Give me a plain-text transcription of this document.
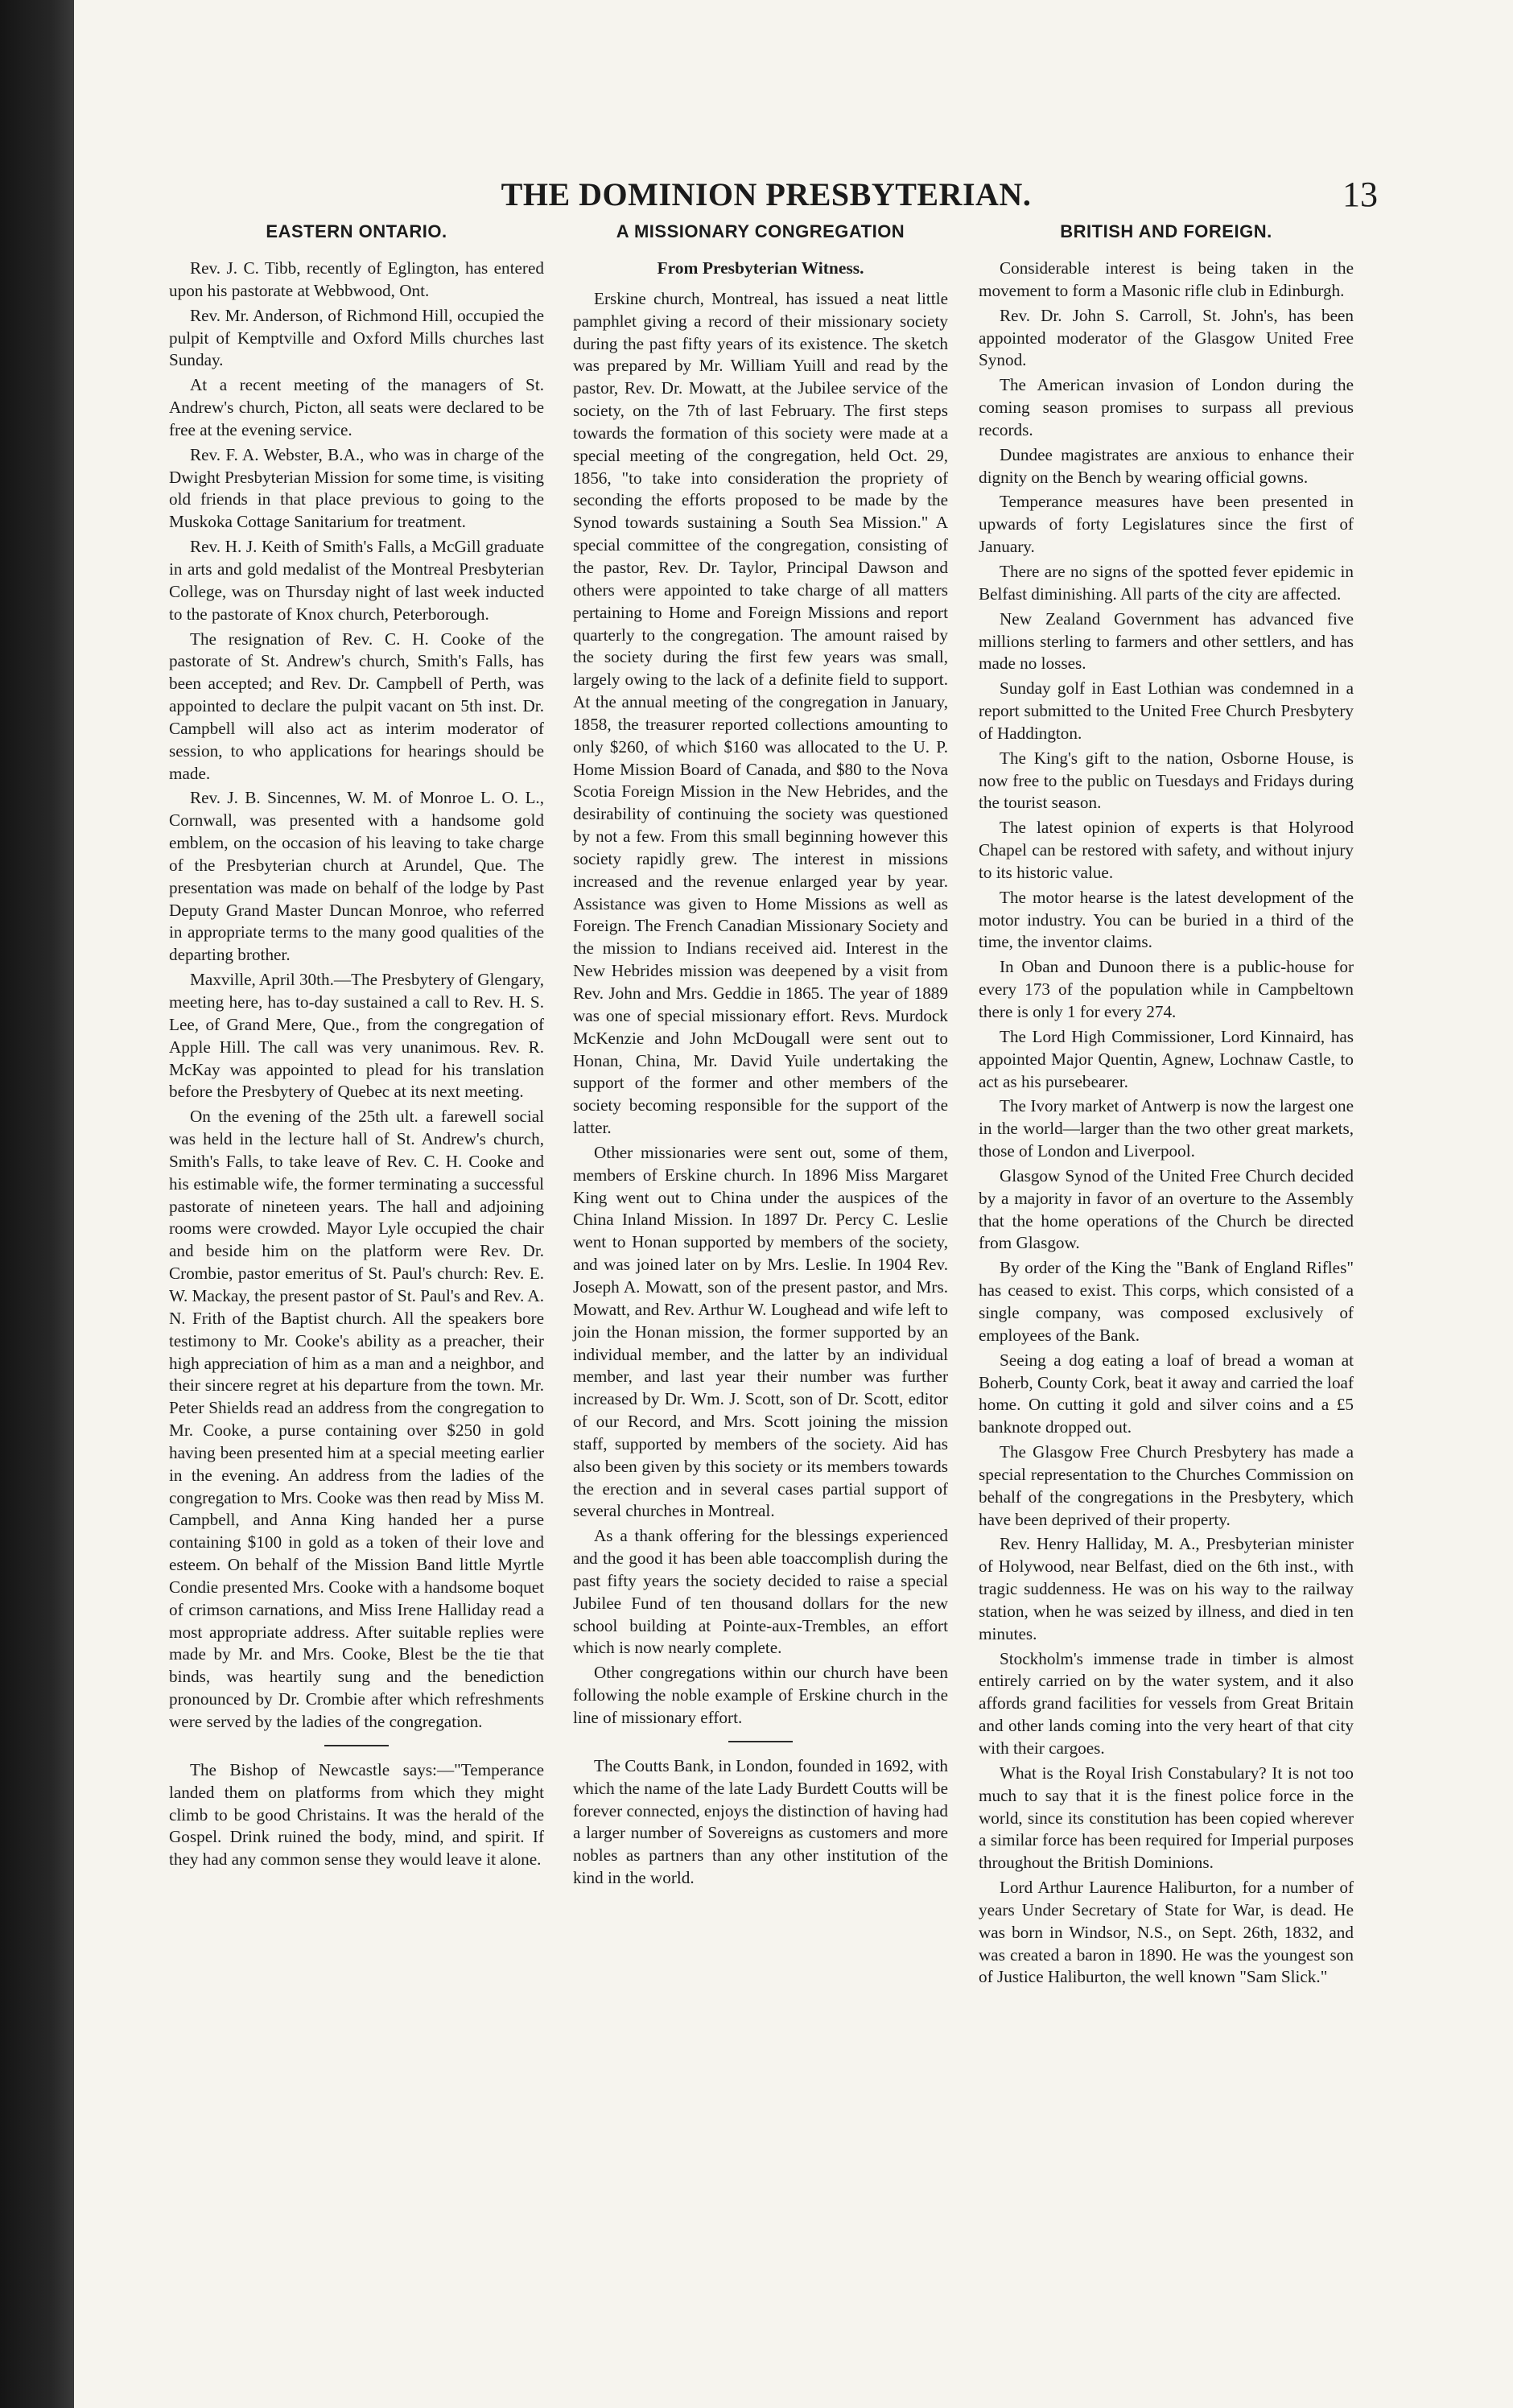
THE DOMINION PRESBYTERIAN.	13
EASTERN ONTARIO.

Rev. J. C. Tibb, recently of Eglington, has entered upon his pastorate at Webbwood, Ont.

Rev. Mr. Anderson, of Richmond Hill, occupied the pulpit of Kemptville and Oxford Mills churches last Sunday.

At a recent meeting of the managers of St. Andrew's church, Picton, all seats were declared to be free at the evening service.

Rev. F. A. Webster, B.A., who was in charge of the Dwight Presbyterian Mission for some time, is visiting old friends in that place previous to going to the Muskoka Cottage Sanitarium for treatment.

Rev. H. J. Keith of Smith's Falls, a McGill graduate in arts and gold medalist of the Montreal Presbyterian College, was on Thursday night of last week inducted to the pastorate of Knox church, Peterborough.

The resignation of Rev. C. H. Cooke of the pastorate of St. Andrew's church, Smith's Falls, has been accepted; and Rev. Dr. Campbell of Perth, was appointed to declare the pulpit vacant on 5th inst. Dr. Campbell will also act as interim moderator of session, to who applications for hearings should be made.

Rev. J. B. Sincennes, W. M. of Monroe L. O. L., Cornwall, was presented with a handsome gold emblem, on the occasion of his leaving to take charge of the Presbyterian church at Arundel, Que. The presentation was made on behalf of the lodge by Past Deputy Grand Master Duncan Monroe, who referred in appropriate terms to the many good qualities of the departing brother.

Maxville, April 30th.—The Presbytery of Glengary, meeting here, has to-day sustained a call to Rev. H. S. Lee, of Grand Mere, Que., from the congregation of Apple Hill. The call was very unanimous. Rev. R. McKay was appointed to plead for his translation before the Presbytery of Quebec at its next meeting.

On the evening of the 25th ult. a farewell social was held in the lecture hall of St. Andrew's church, Smith's Falls, to take leave of Rev. C. H. Cooke and his estimable wife, the former terminating a successful pastorate of nineteen years. The hall and adjoining rooms were crowded. Mayor Lyle occupied the chair and beside him on the platform were Rev. Dr. Crombie, pastor emeritus of St. Paul's church: Rev. E. W. Mackay, the present pastor of St. Paul's and Rev. A. N. Frith of the Baptist church. All the speakers bore testimony to Mr. Cooke's ability as a preacher, their high appreciation of him as a man and a neighbor, and their sincere regret at his departure from the town. Mr. Peter Shields read an address from the congregation to Mr. Cooke, a purse containing over $250 in gold having been presented him at a special meeting earlier in the evening. An address from the ladies of the congregation to Mrs. Cooke was then read by Miss M. Campbell, and Anna King handed her a purse containing $100 in gold as a token of their love and esteem. On behalf of the Mission Band little Myrtle Condie presented Mrs. Cooke with a handsome boquet of crimson carnations, and Miss Irene Halliday read a most appropriate address. After suitable replies were made by Mr. and Mrs. Cooke, Blest be the tie that binds, was heartily sung and the benediction pronounced by Dr. Crombie after which refreshments were served by the ladies of the congregation.

The Bishop of Newcastle says:—"Temperance landed them on platforms from which they might climb to be good Christains. It was the herald of the Gospel. Drink ruined the body, mind, and spirit. If they had any common sense they would leave it alone.

A MISSIONARY CONGREGATION
From Presbyterian Witness.

Erskine church, Montreal, has issued a neat little pamphlet giving a record of their missionary society during the past fifty years of its existence. The sketch was prepared by Mr. William Yuill and read by the pastor, Rev. Dr. Mowatt, at the Jubilee service of the society, on the 7th of last February. The first steps towards the formation of this society were made at a special meeting of the congregation, held Oct. 29, 1856, "to take into consideration the propriety of seconding the efforts proposed to be made by the Synod towards sustaining a South Sea Mission." A special committee of the congregation, consisting of the pastor, Rev. Dr. Taylor, Principal Dawson and others were appointed to take charge of all matters pertaining to Home and Foreign Missions and report quarterly to the congregation. The amount raised by the society during the first few years was small, largely owing to the lack of a definite field to support. At the annual meeting of the congregation in January, 1858, the treasurer reported collections amounting to only $260, of which $160 was allocated to the U. P. Home Mission Board of Canada, and $80 to the Nova Scotia Foreign Mission in the New Hebrides, and the desirability of continuing the society was questioned by not a few. From this small beginning however this society rapidly grew. The interest in missions increased and the revenue enlarged year by year. Assistance was given to Home Missions as well as Foreign. The French Canadian Missionary Society and the mission to Indians received aid. Interest in the New Hebrides mission was deepened by a visit from Rev. John and Mrs. Geddie in 1865. The year of 1889 was one of special missionary effort. Revs. Murdock McKenzie and John McDougall were sent out to Honan, China, Mr. David Yuile undertaking the support of the former and other members of the society becoming responsible for the support of the latter.

Other missionaries were sent out, some of them, members of Erskine church. In 1896 Miss Margaret King went out to China under the auspices of the China Inland Mission. In 1897 Dr. Percy C. Leslie went to Honan supported by members of the society, and was joined later on by Mrs. Leslie. In 1904 Rev. Joseph A. Mowatt, son of the present pastor, and Mrs. Mowatt, and Rev. Arthur W. Loughead and wife left to join the Honan mission, the former supported by an individual member, and the latter by an individual member, and last year their number was further increased by Dr. Wm. J. Scott, son of Dr. Scott, editor of our Record, and Mrs. Scott joining the mission staff, supported by members of the society. Aid has also been given by this society or its members towards the erection and in several cases partial support of several churches in Montreal.

As a thank offering for the blessings experienced and the good it has been able toaccomplish during the past fifty years the society decided to raise a special Jubilee Fund of ten thousand dollars for the new school building at Pointe-aux-Trembles, an effort which is now nearly complete.

Other congregations within our church have been following the noble example of Erskine church in the line of missionary effort.

The Coutts Bank, in London, founded in 1692, with which the name of the late Lady Burdett Coutts will be forever connected, enjoys the distinction of having had a larger number of Sovereigns as customers and more nobles as partners than any other institution of the kind in the world.

BRITISH AND FOREIGN.

Considerable interest is being taken in the movement to form a Masonic rifle club in Edinburgh.

Rev. Dr. John S. Carroll, St. John's, has been appointed moderator of the Glasgow United Free Synod.

The American invasion of London during the coming season promises to surpass all previous records.

Dundee magistrates are anxious to enhance their dignity on the Bench by wearing official gowns.

Temperance measures have been presented in upwards of forty Legislatures since the first of January.

There are no signs of the spotted fever epidemic in Belfast diminishing. All parts of the city are affected.

New Zealand Government has advanced five millions sterling to farmers and other settlers, and has made no losses.

Sunday golf in East Lothian was condemned in a report submitted to the United Free Church Presbytery of Haddington.

The King's gift to the nation, Osborne House, is now free to the public on Tuesdays and Fridays during the tourist season.

The latest opinion of experts is that Holyrood Chapel can be restored with safety, and without injury to its historic value.

The motor hearse is the latest development of the motor industry. You can be buried in a third of the time, the inventor claims.

In Oban and Dunoon there is a public-house for every 173 of the population while in Campbeltown there is only 1 for every 274.

The Lord High Commissioner, Lord Kinnaird, has appointed Major Quentin, Agnew, Lochnaw Castle, to act as his pursebearer.

The Ivory market of Antwerp is now the largest one in the world—larger than the two other great markets, those of London and Liverpool.

Glasgow Synod of the United Free Church decided by a majority in favor of an overture to the Assembly that the home operations of the Church be directed from Glasgow.

By order of the King the "Bank of England Rifles" has ceased to exist. This corps, which consisted of a single company, was composed exclusively of employees of the Bank.

Seeing a dog eating a loaf of bread a woman at Boherb, County Cork, beat it away and carried the loaf home. On cutting it gold and silver coins and a £5 banknote dropped out.

The Glasgow Free Church Presbytery has made a special representation to the Churches Commission on behalf of the congregations in the Presbytery, which have been deprived of their property.

Rev. Henry Halliday, M. A., Presbyterian minister of Holywood, near Belfast, died on the 6th inst., with tragic suddenness. He was on his way to the railway station, when he was seized by illness, and died in ten minutes.

Stockholm's immense trade in timber is almost entirely carried on by the water system, and it also affords grand facilities for vessels from Great Britain and other lands coming into the very heart of that city with their cargoes.

What is the Royal Irish Constabulary? It is not too much to say that it is the finest police force in the world, since its constitution has been copied wherever a similar force has been required for Imperial purposes throughout the British Dominions.

Lord Arthur Laurence Haliburton, for a number of years Under Secretary of State for War, is dead. He was born in Windsor, N.S., on Sept. 26th, 1832, and was created a baron in 1890. He was the youngest son of Justice Haliburton, the well known "Sam Slick."
